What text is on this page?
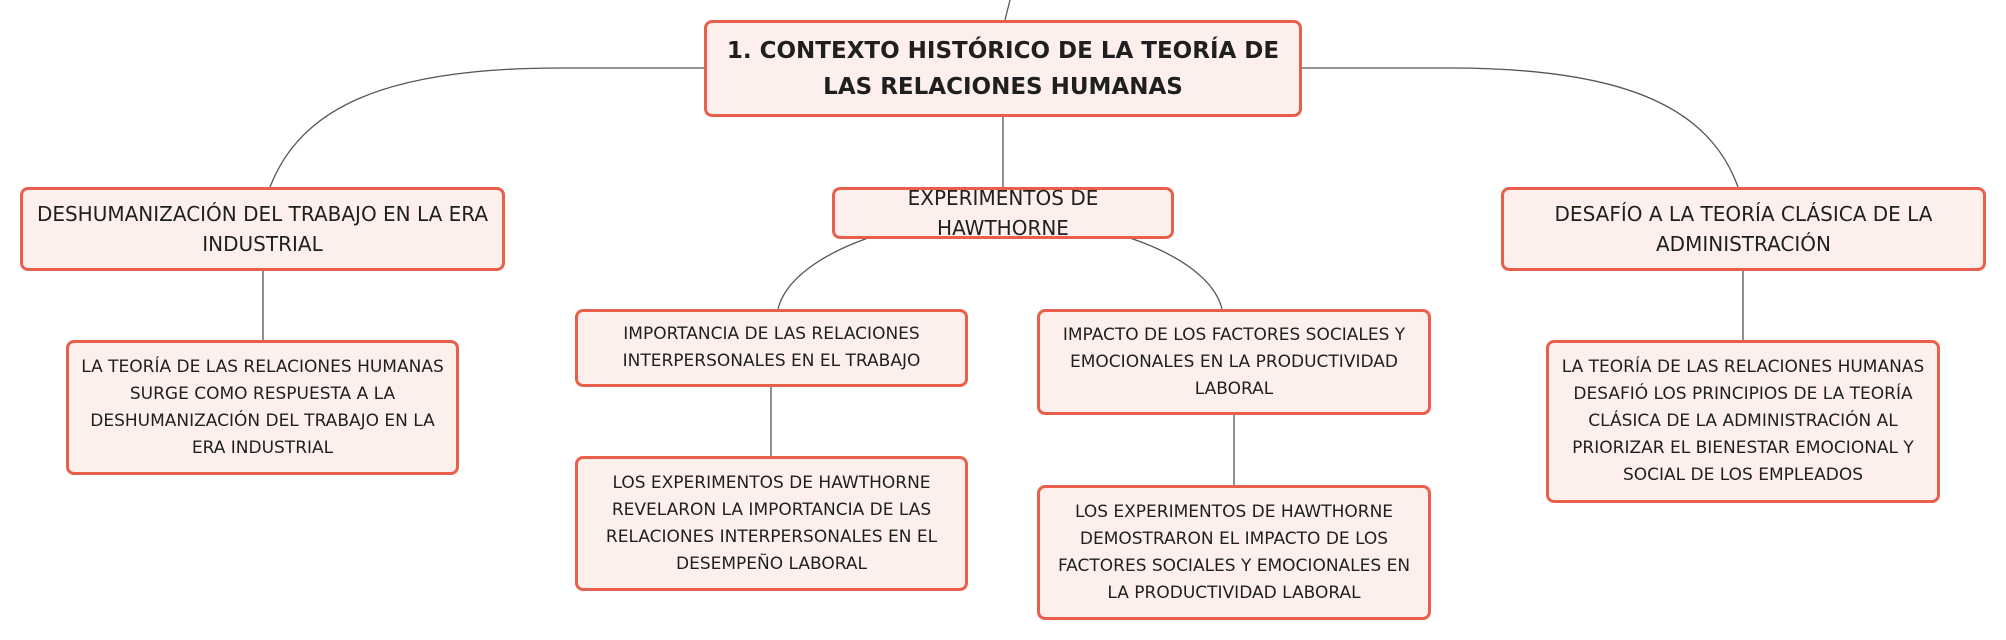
1. CONTEXTO HISTÓRICO DE LA TEORÍA DE LAS RELACIONES HUMANAS
DESHUMANIZACIÓN DEL TRABAJO EN LA ERA INDUSTRIAL
EXPERIMENTOS DE HAWTHORNE
DESAFÍO A LA TEORÍA CLÁSICA DE LA ADMINISTRACIÓN
LA TEORÍA DE LAS RELACIONES HUMANAS SURGE COMO RESPUESTA A LA DESHUMANIZACIÓN DEL TRABAJO EN LA ERA INDUSTRIAL
IMPORTANCIA DE LAS RELACIONES INTERPERSONALES EN EL TRABAJO
IMPACTO DE LOS FACTORES SOCIALES Y EMOCIONALES EN LA PRODUCTIVIDAD LABORAL
LOS EXPERIMENTOS DE HAWTHORNE REVELARON LA IMPORTANCIA DE LAS RELACIONES INTERPERSONALES EN EL DESEMPEÑO LABORAL
LOS EXPERIMENTOS DE HAWTHORNE DEMOSTRARON EL IMPACTO DE LOS FACTORES SOCIALES Y EMOCIONALES EN LA PRODUCTIVIDAD LABORAL
LA TEORÍA DE LAS RELACIONES HUMANAS DESAFIÓ LOS PRINCIPIOS DE LA TEORÍA CLÁSICA DE LA ADMINISTRACIÓN AL PRIORIZAR EL BIENESTAR EMOCIONAL Y SOCIAL DE LOS EMPLEADOS
